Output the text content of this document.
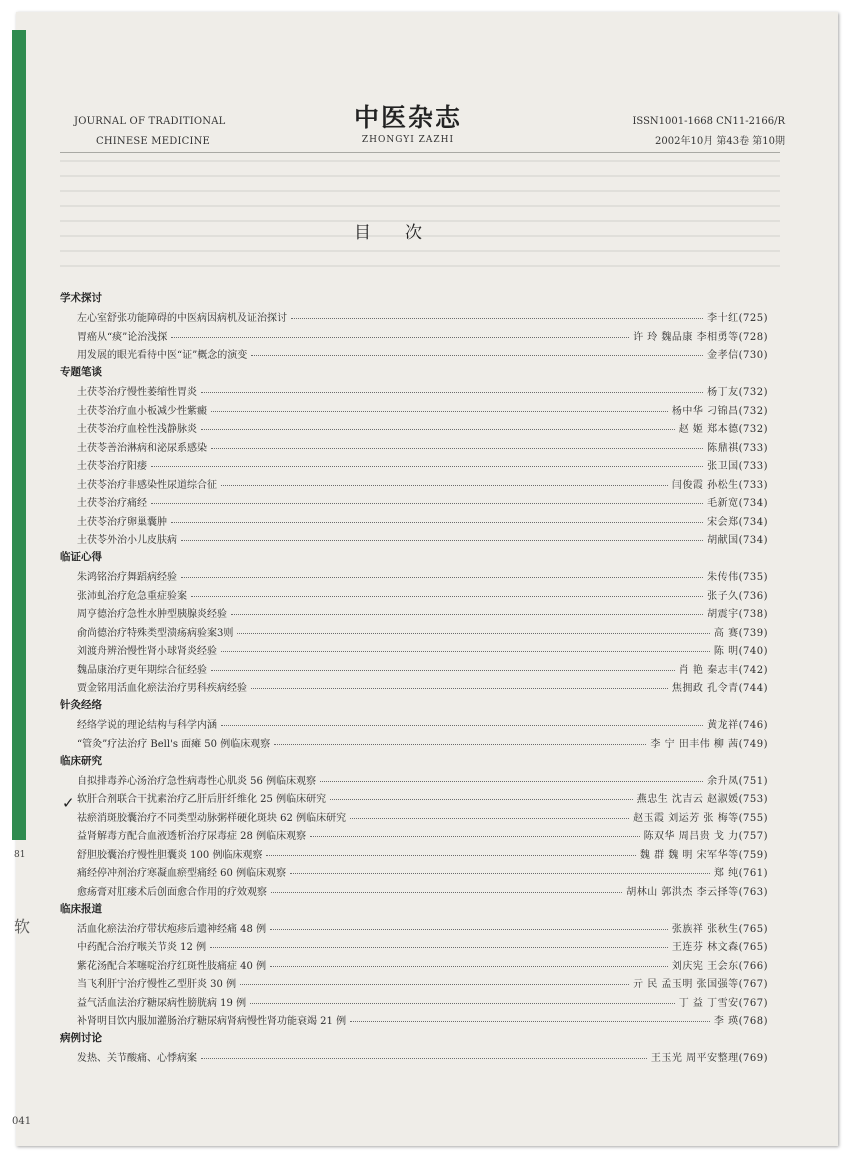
81
软
041
JOURNAL OF TRADITIONAL
CHINESE MEDICINE
中医杂志
ZHONGYI ZAZHI
ISSN1001-1668 CN11-2166/R
2002年10月 第43卷 第10期
目次
✓
学术探讨
左心室舒张功能障碍的中医病因病机及证治探讨	李十红(725)
胃癌从“痰”论治浅探	许 玲 魏品康 李相勇等(728)
用发展的眼光看待中医“证”概念的演变	金孝信(730)
专题笔谈
土茯苓治疗慢性萎缩性胃炎	杨丁友(732)
土茯苓治疗血小板减少性紫癜	杨中华 刁锦昌(732)
土茯苓治疗血栓性浅静脉炎	赵 姬 郑本德(732)
土茯苓善治淋病和泌尿系感染	陈鼎祺(733)
土茯苓治疗阳痿	张卫国(733)
土茯苓治疗非感染性尿道综合征	闫俊霞 孙松生(733)
土茯苓治疗痛经	毛新宽(734)
土茯苓治疗卵巢囊肿	宋会郑(734)
土茯苓外治小儿皮肤病	胡献国(734)
临证心得
朱鸿铭治疗舞蹈病经验	朱传伟(735)
张沛虬治疗危急重症验案	张子久(736)
周亨德治疗急性水肿型胰腺炎经验	胡震宇(738)
俞尚德治疗特殊类型溃疡病验案3则	高 赛(739)
刘渡舟辨治慢性肾小球肾炎经验	陈 明(740)
魏品康治疗更年期综合征经验	肖 艳 秦志丰(742)
贾金铭用活血化瘀法治疗男科疾病经验	焦拥政 孔令青(744)
针灸经络
经络学说的理论结构与科学内涵	黄龙祥(746)
“管灸”疗法治疗 Bell's 面瘫 50 例临床观察	李 宁 田丰伟 柳 茜(749)
临床研究
自拟排毒养心汤治疗急性病毒性心肌炎 56 例临床观察	余升凤(751)
软肝合剂联合干扰素治疗乙肝后肝纤维化 25 例临床研究	燕忠生 沈吉云 赵淑媛(753)
祛瘀消斑胶囊治疗不同类型动脉粥样硬化斑块 62 例临床研究	赵玉霞 刘运芳 张 梅等(755)
益肾解毒方配合血液透析治疗尿毒症 28 例临床观察	陈双华 周吕贵 戈 力(757)
舒胆胶囊治疗慢性胆囊炎 100 例临床观察	魏 群 魏 明 宋军华等(759)
痛经停冲剂治疗寒凝血瘀型痛经 60 例临床观察	郑 纯(761)
愈疡膏对肛瘘术后创面愈合作用的疗效观察	胡林山 郭洪杰 李云择等(763)
临床报道
活血化瘀法治疗带状疱疹后遗神经痛 48 例	张族祥 张秋生(765)
中药配合治疗喉关节炎 12 例	王连芬 林文森(765)
紫花汤配合苯噻啶治疗红斑性肢痛症 40 例	刘庆宪 王会东(766)
当飞利肝宁治疗慢性乙型肝炎 30 例	亓 民 孟玉明 张国强等(767)
益气活血法治疗糖尿病性膀胱病 19 例	丁 益 丁雪安(767)
补肾明目饮内服加灌肠治疗糖尿病肾病慢性肾功能衰竭 21 例	李 瑛(768)
病例讨论
发热、关节酸痛、心悸病案	王玉光 周平安整理(769)
